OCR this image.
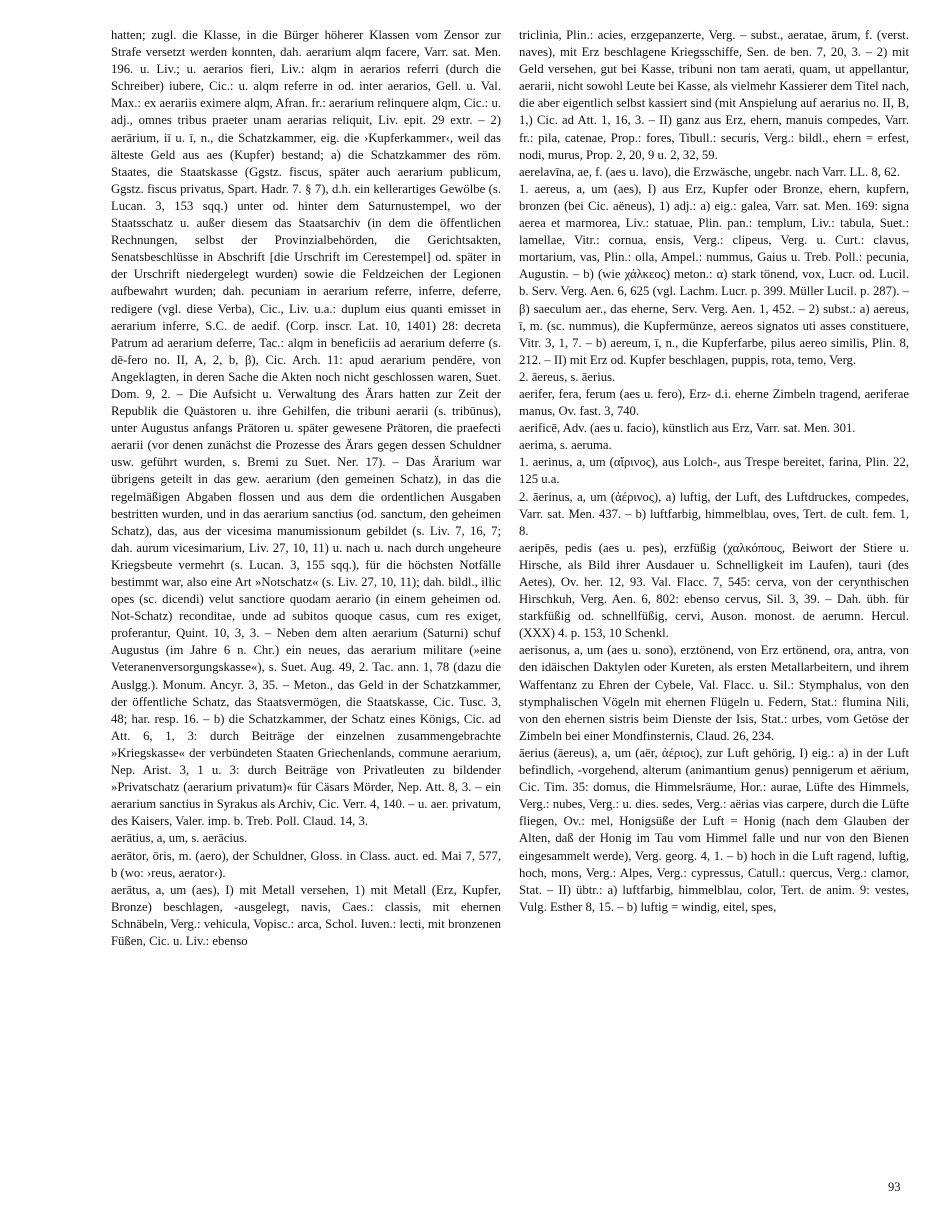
hatten; zugl. die Klasse, in die Bürger höherer Klassen vom Zensor zur Strafe versetzt werden konnten, dah. aerarium alqm facere, Varr. sat. Men. 196. u. Liv.; u. aerarios fieri, Liv.: alqm in aerarios referri (durch die Schreiber) iubere, Cic.: u. alqm referre in od. inter aerarios, Gell. u. Val. Max.: ex aerariis eximere alqm, Afran. fr.: aerarium relinquere alqm, Cic.: u. adj., omnes tribus praeter unam aerarias reliquit, Liv. epit. 29 extr. – 2) aerārium, iī u. ī, n., die Schatzkammer, eig. die ›Kupferkammer‹, weil das älteste Geld aus aes (Kupfer) bestand; a) die Schatzkammer des röm. Staates, die Staatskasse (Ggstz. fiscus, später auch aerarium publicum, Ggstz. fiscus privatus, Spart. Hadr. 7. § 7), d.h. ein kellerartiges Gewölbe (s. Lucan. 3, 153 sqq.) unter od. hinter dem Saturnustempel, wo der Staatsschatz u. außer diesem das Staatsarchiv (in dem die öffentlichen Rechnungen, selbst der Provinzialbehörden, die Gerichtsakten, Senatsbeschlüsse in Abschrift [die Urschrift im Cerestempel] od. später in der Urschrift niedergelegt wurden) sowie die Feldzeichen der Legionen aufbewahrt wurden; dah. pecuniam in aerarium referre, inferre, deferre, redigere (vgl. diese Verba), Cic., Liv. u.a.: duplum eius quanti emisset in aerarium inferre, S.C. de aedif. (Corp. inscr. Lat. 10, 1401) 28: decreta Patrum ad aerarium deferre, Tac.: alqm in beneficiis ad aerarium deferre (s. dē-fero no. II, A, 2, b, β), Cic. Arch. 11: apud aerarium pendēre, von Angeklagten, in deren Sache die Akten noch nicht geschlossen waren, Suet. Dom. 9, 2. – Die Aufsicht u. Verwaltung des Ärars hatten zur Zeit der Republik die Quästoren u. ihre Gehilfen, die tribuni aerarii (s. tribūnus), unter Augustus anfangs Prätoren u. später gewesene Prätoren, die praefecti aerarii (vor denen zunächst die Prozesse des Ärars gegen dessen Schuldner usw. geführt wurden, s. Bremi zu Suet. Ner. 17). – Das Ärarium war übrigens geteilt in das gew. aerarium (den gemeinen Schatz), in das die regelmäßigen Abgaben flossen und aus dem die ordentlichen Ausgaben bestritten wurden, und in das aerarium sanctius (od. sanctum, den geheimen Schatz), das, aus der vicesima manumissionum gebildet (s. Liv. 7, 16, 7; dah. aurum vicesimarium, Liv. 27, 10, 11) u. nach u. nach durch ungeheure Kriegsbeute vermehrt (s. Lucan. 3, 155 sqq.), für die höchsten Notfälle bestimmt war, also eine Art »Notschatz« (s. Liv. 27, 10, 11); dah. bildl., illic opes (sc. dicendi) velut sanctiore quodam aerario (in einem geheimen od. Not-Schatz) reconditae, unde ad subitos quoque casus, cum res exiget, proferantur, Quint. 10, 3, 3. – Neben dem alten aerarium (Saturni) schuf Augustus (im Jahre 6 n. Chr.) ein neues, das aerarium militare (»eine Veteranenversorgungskasse«), s. Suet. Aug. 49, 2. Tac. ann. 1, 78 (dazu die Auslgg.). Monum. Ancyr. 3, 35. – Meton., das Geld in der Schatzkammer, der öffentliche Schatz, das Staatsvermögen, die Staatskasse, Cic. Tusc. 3, 48; har. resp. 16. – b) die Schatzkammer, der Schatz eines Königs, Cic. ad Att. 6, 1, 3: durch Beiträge der einzelnen zusammengebrachte »Kriegskasse« der verbündeten Staaten Griechenlands, commune aerarium, Nep. Arist. 3, 1 u. 3: durch Beiträge von Privatleuten zu bildender »Privatschatz (aerarium privatum)« für Cäsars Mörder, Nep. Att. 8, 3. – ein aerarium sanctius in Syrakus als Archiv, Cic. Verr. 4, 140. – u. aer. privatum, des Kaisers, Valer. imp. b. Treb. Poll. Claud. 14, 3.

aerātius, a, um, s. aerācius.

aerātor, ōris, m. (aero), der Schuldner, Gloss. in Class. auct. ed. Mai 7, 577, b (wo: ›reus, aerator‹).

aerātus, a, um (aes), I) mit Metall versehen, 1) mit Metall (Erz, Kupfer, Bronze) beschlagen, -ausgelegt, navis, Caes.: classis, mit ehernen Schnäbeln, Verg.: vehicula, Vopisc.: arca, Schol. Iuven.: lecti, mit bronzenen Füßen, Cic. u. Liv.: ebenso

triclinia, Plin.: acies, erzgepanzerte, Verg. – subst., aeratae, ārum, f. (verst. naves), mit Erz beschlagene Kriegsschiffe, Sen. de ben. 7, 20, 3. – 2) mit Geld versehen, gut bei Kasse, tribuni non tam aerati, quam, ut appellantur, aerarii, nicht sowohl Leute bei Kasse, als vielmehr Kassierer dem Titel nach, die aber eigentlich selbst kassiert sind (mit Anspielung auf aerarius no. II, B, 1,) Cic. ad Att. 1, 16, 3. – II) ganz aus Erz, ehern, manuis compedes, Varr. fr.: pila, catenae, Prop.: fores, Tibull.: securis, Verg.: bildl., ehern = erfest, nodi, murus, Prop. 2, 20, 9 u. 2, 32, 59.

aerelavīna, ae, f. (aes u. lavo), die Erzwäsche, ungebr. nach Varr. LL. 8, 62.

1. aereus, a, um (aes), I) aus Erz, Kupfer oder Bronze, ehern, kupfern, bronzen (bei Cic. aëneus), 1) adj.: a) eig.: galea, Varr. sat. Men. 169: signa aerea et marmorea, Liv.: statuae, Plin. pan.: templum, Liv.: tabula, Suet.: lamellae, Vitr.: cornua, ensis, Verg.: clipeus, Verg. u. Curt.: clavus, mortarium, vas, Plin.: olla, Ampel.: nummus, Gaius u. Treb. Poll.: pecunia, Augustin. – b) (wie χάλκεος) meton.: α) stark tönend, vox, Lucr. od. Lucil. b. Serv. Verg. Aen. 6, 625 (vgl. Lachm. Lucr. p. 399. Müller Lucil. p. 287). – β) saeculum aer., das eherne, Serv. Verg. Aen. 1, 452. – 2) subst.: a) aereus, ī, m. (sc. nummus), die Kupfermünze, aereos signatos uti asses constituere, Vitr. 3, 1, 7. – b) aereum, ī, n., die Kupferfarbe, pilus aereo similis, Plin. 8, 212. – II) mit Erz od. Kupfer beschlagen, puppis, rota, temo, Verg.

2. āereus, s. āerius.

aerifer, fera, ferum (aes u. fero), Erz- d.i. eherne Zimbeln tragend, aeriferae manus, Ov. fast. 3, 740.

aerificē, Adv. (aes u. facio), künstlich aus Erz, Varr. sat. Men. 301.

aerima, s. aeruma.

1. aerinus, a, um (αἴρινος), aus Lolch-, aus Trespe bereitet, farina, Plin. 22, 125 u.a.

2. āerinus, a, um (ἀέρινος), a) luftig, der Luft, des Luftdruckes, compedes, Varr. sat. Men. 437. – b) luftfarbig, himmelblau, oves, Tert. de cult. fem. 1, 8.

aeripēs, pedis (aes u. pes), erzfüßig (χαλκόπους, Beiwort der Stiere u. Hirsche, als Bild ihrer Ausdauer u. Schnelligkeit im Laufen), tauri (des Aetes), Ov. her. 12, 93. Val. Flacc. 7, 545: cerva, von der cerynthischen Hirschkuh, Verg. Aen. 6, 802: ebenso cervus, Sil. 3, 39. – Dah. übh. für starkfüßig od. schnellfüßig, cervi, Auson. monost. de aerumn. Hercul. (XXX) 4. p. 153, 10 Schenkl.

aerisonus, a, um (aes u. sono), erztönend, von Erz ertönend, ora, antra, von den idäischen Daktylen oder Kureten, als ersten Metallarbeitern, und ihrem Waffentanz zu Ehren der Cybele, Val. Flacc. u. Sil.: Stymphalus, von den stymphalischen Vögeln mit ehernen Flügeln u. Federn, Stat.: flumina Nili, von den ehernen sistris beim Dienste der Isis, Stat.: urbes, vom Getöse der Zimbeln bei einer Mondfinsternis, Claud. 26, 234.

āerius (āereus), a, um (aër, ἀέριος), zur Luft gehörig, I) eig.: a) in der Luft befindlich, -vorgehend, alterum (animantium genus) pennigerum et aërium, Cic. Tim. 35: domus, die Himmelsräume, Hor.: aurae, Lüfte des Himmels, Verg.: nubes, Verg.: u. dies. sedes, Verg.: aërias vias carpere, durch die Lüfte fliegen, Ov.: mel, Honigsüße der Luft = Honig (nach dem Glauben der Alten, daß der Honig im Tau vom Himmel falle und nur von den Bienen eingesammelt werde), Verg. georg. 4, 1. – b) hoch in die Luft ragend, luftig, hoch, mons, Verg.: Alpes, Verg.: cypressus, Catull.: quercus, Verg.: clamor, Stat. – II) übtr.: a) luftfarbig, himmelblau, color, Tert. de anim. 9: vestes, Vulg. Esther 8, 15. – b) luftig = windig, eitel, spes,

93
